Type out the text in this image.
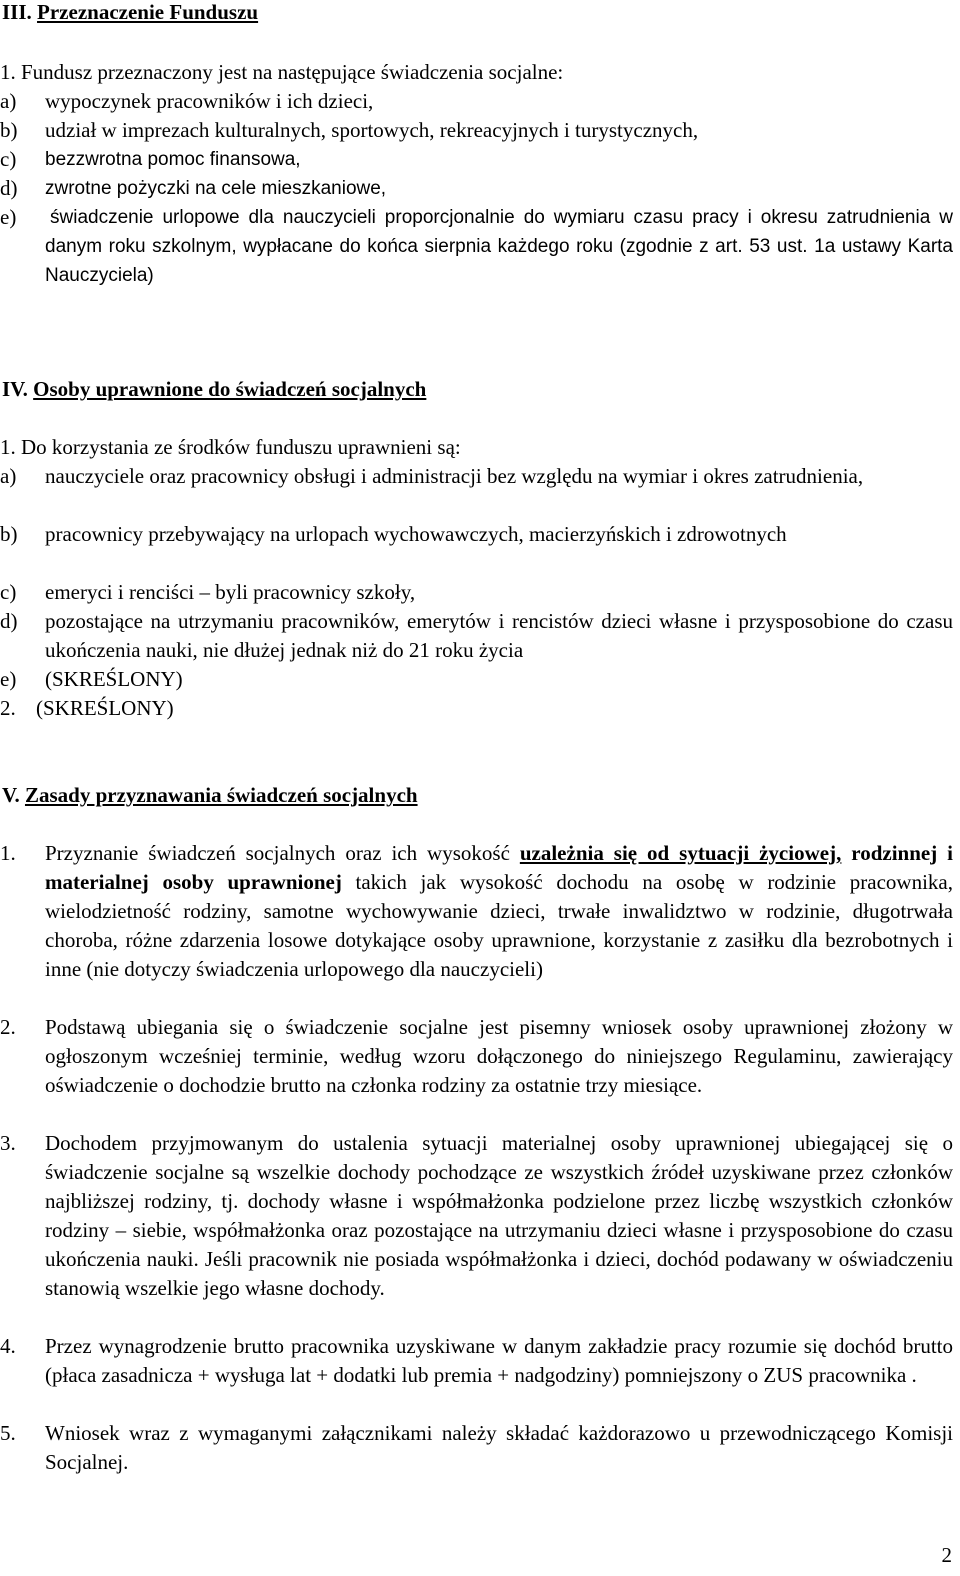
III. Przeznaczenie Funduszu
1. Fundusz przeznaczony jest na następujące świadczenia socjalne:
a) wypoczynek pracowników i ich dzieci,
b) udział w imprezach kulturalnych, sportowych, rekreacyjnych i turystycznych,
c) bezzwrotna pomoc finansowa,
d) zwrotne pożyczki na cele mieszkaniowe,
e) świadczenie urlopowe dla nauczycieli proporcjonalnie do wymiaru czasu pracy i okresu zatrudnienia w danym roku szkolnym, wypłacane do końca sierpnia każdego roku (zgodnie z art. 53 ust. 1a ustawy Karta Nauczyciela)
IV. Osoby uprawnione do świadczeń socjalnych
1. Do korzystania ze środków funduszu uprawnieni są:
a) nauczyciele oraz pracownicy obsługi i administracji bez względu na wymiar i okres zatrudnienia,
b) pracownicy przebywający na urlopach wychowawczych, macierzyńskich i zdrowotnych
c) emeryci i renciści – byli pracownicy szkoły,
d) pozostające na utrzymaniu pracowników, emerytów i rencistów dzieci własne i przysposobione do czasu ukończenia nauki, nie dłużej jednak niż do 21 roku życia
e) (SKREŚLONY)
2. (SKREŚLONY)
V. Zasady przyznawania świadczeń socjalnych
1. Przyznanie świadczeń socjalnych oraz ich wysokość uzależnia się od sytuacji życiowej, rodzinnej i materialnej osoby uprawnionej takich jak wysokość dochodu na osobę w rodzinie pracownika, wielodzietność rodziny, samotne wychowywanie dzieci, trwałe inwalidztwo w rodzinie, długotrwała choroba, różne zdarzenia losowe dotykające osoby uprawnione, korzystanie z zasiłku dla bezrobotnych i inne (nie dotyczy świadczenia urlopowego dla nauczycieli)
2. Podstawą ubiegania się o świadczenie socjalne jest pisemny wniosek osoby uprawnionej złożony w ogłoszonym wcześniej terminie, według wzoru dołączonego do niniejszego Regulaminu, zawierający oświadczenie o dochodzie brutto na członka rodziny za ostatnie trzy miesiące.
3. Dochodem przyjmowanym do ustalenia sytuacji materialnej osoby uprawnionej ubiegającej się o świadczenie socjalne są wszelkie dochody pochodzące ze wszystkich źródeł uzyskiwane przez członków najbliższej rodziny, tj. dochody własne i współmałżonka podzielone przez liczbę wszystkich członków rodziny – siebie, współmałżonka oraz pozostające na utrzymaniu dzieci własne i przysposobione do czasu ukończenia nauki. Jeśli pracownik nie posiada współmałżonka i dzieci, dochód podawany w oświadczeniu stanowią wszelkie jego własne dochody.
4. Przez wynagrodzenie brutto pracownika uzyskiwane w danym zakładzie pracy rozumie się dochód brutto (płaca zasadnicza + wysługa lat + dodatki lub premia + nadgodziny) pomniejszony o ZUS pracownika .
5. Wniosek wraz z wymaganymi załącznikami należy składać każdorazowo u przewodniczącego Komisji Socjalnej.
2
